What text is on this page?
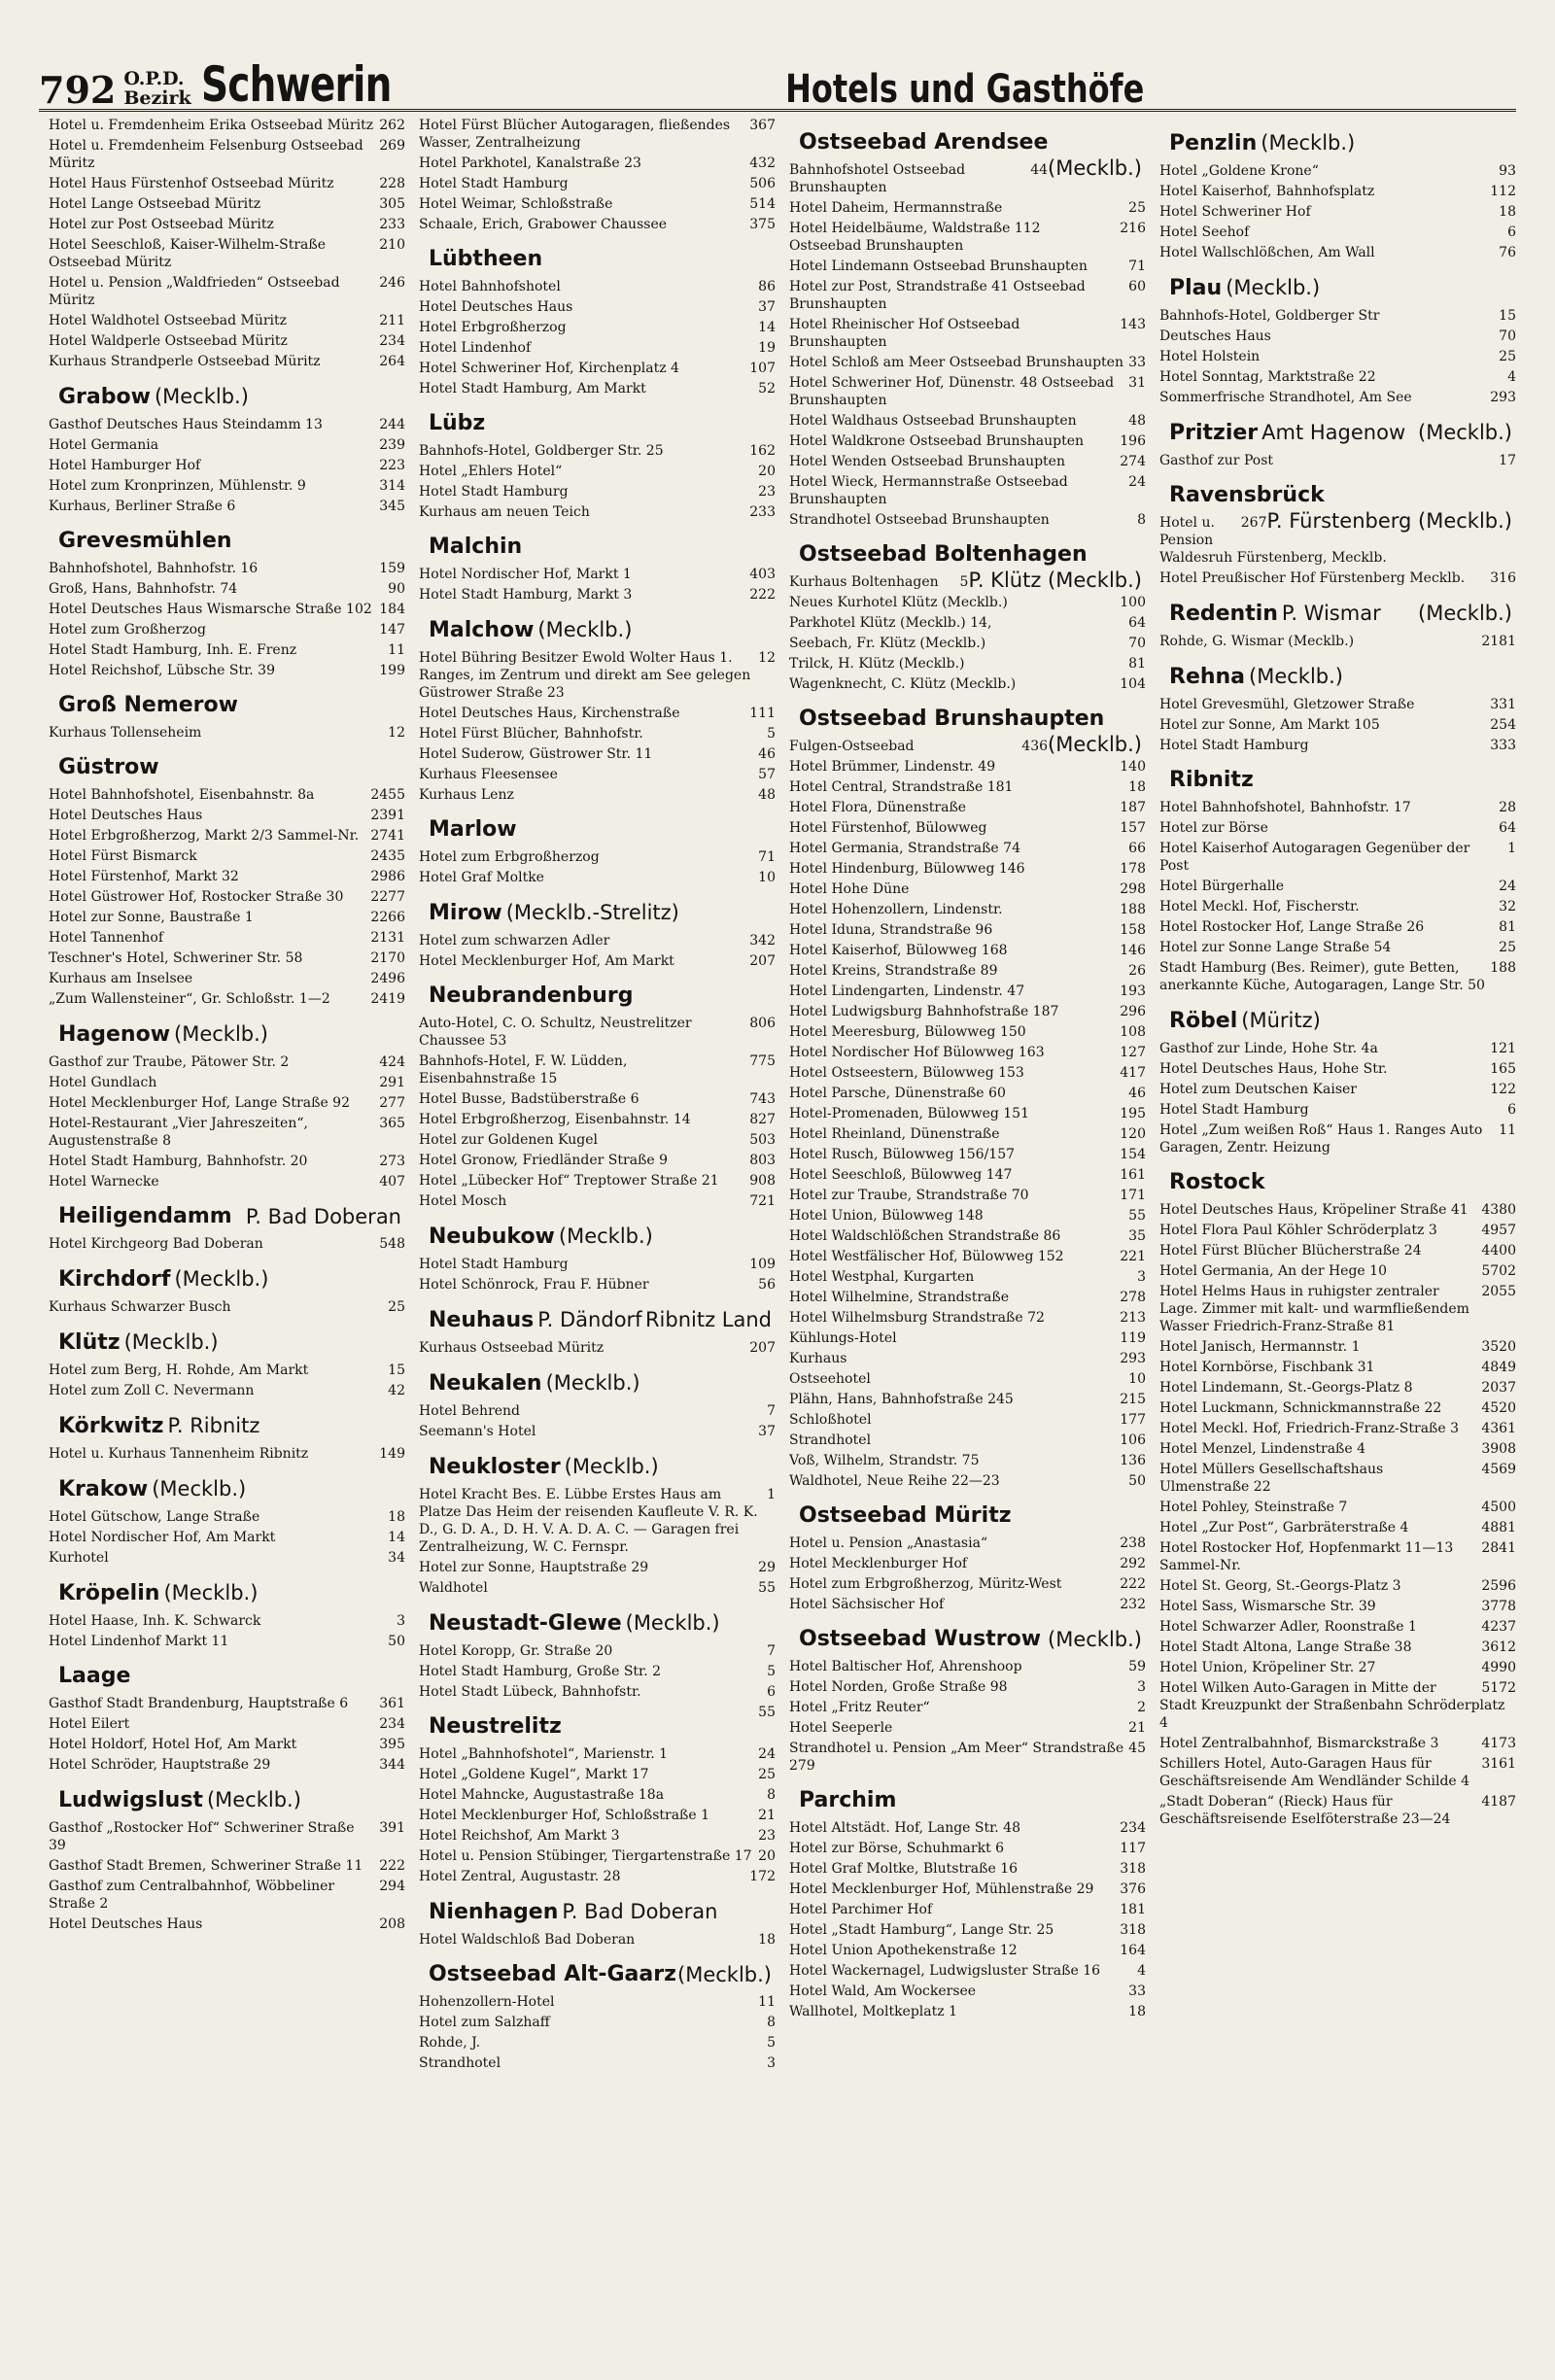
792 O.P.D.
Bezirk Schwerin	Hotels und Gasthöfe
262
Hotel u. Fremdenheim Erika Ostseebad Müritz
269
Hotel u. Fremdenheim Felsenburg Ostseebad Müritz
228
Hotel Haus Fürstenhof Ostseebad Müritz
305
Hotel Lange Ostseebad Müritz
233
Hotel zur Post Ostseebad Müritz
210
Hotel Seeschloß, Kaiser-Wilhelm-Straße Ostseebad Müritz
246
Hotel u. Pension „Waldfrieden“ Ostseebad Müritz
211
Hotel Waldhotel Ostseebad Müritz
234
Hotel Waldperle Ostseebad Müritz
264
Kurhaus Strandperle Ostseebad Müritz
Grabow (Mecklb.)
244
Gasthof Deutsches Haus Steindamm 13
239
Hotel Germania
223
Hotel Hamburger Hof
314
Hotel zum Kronprinzen, Mühlenstr. 9
345
Kurhaus, Berliner Straße 6
Grevesmühlen
159
Bahnhofshotel, Bahnhofstr. 16
90
Groß, Hans, Bahnhofstr. 74
184
Hotel Deutsches Haus Wismarsche Straße 102
147
Hotel zum Großherzog
11
Hotel Stadt Hamburg, Inh. E. Frenz
199
Hotel Reichshof, Lübsche Str. 39
Groß Nemerow
12
Kurhaus Tollenseheim
Güstrow
2455
Hotel Bahnhofshotel, Eisenbahnstr. 8a
2391
Hotel Deutsches Haus
2741
Hotel Erbgroßherzog, Markt 2/3 Sammel-Nr.
2435
Hotel Fürst Bismarck
2986
Hotel Fürstenhof, Markt 32
2277
Hotel Güstrower Hof, Rostocker Straße 30
2266
Hotel zur Sonne, Baustraße 1
2131
Hotel Tannenhof
2170
Teschner's Hotel, Schweriner Str. 58
2496
Kurhaus am Inselsee
2419
„Zum Wallensteiner“, Gr. Schloßstr. 1—2
Hagenow (Mecklb.)
424
Gasthof zur Traube, Pätower Str. 2
291
Hotel Gundlach
277
Hotel Mecklenburger Hof, Lange Straße 92
365
Hotel-Restaurant „Vier Jahreszeiten“, Augustenstraße 8
273
Hotel Stadt Hamburg, Bahnhofstr. 20
407
Hotel Warnecke
Heiligendamm P. Bad Doberan
548
Hotel Kirchgeorg Bad Doberan
Kirchdorf (Mecklb.)
25
Kurhaus Schwarzer Busch
Klütz (Mecklb.)
15
Hotel zum Berg, H. Rohde, Am Markt
42
Hotel zum Zoll C. Nevermann
Körkwitz P. Ribnitz
149
Hotel u. Kurhaus Tannenheim Ribnitz
Krakow (Mecklb.)
18
Hotel Gütschow, Lange Straße
14
Hotel Nordischer Hof, Am Markt
34
Kurhotel
Kröpelin (Mecklb.)
3
Hotel Haase, Inh. K. Schwarck
50
Hotel Lindenhof Markt 11
Laage
361
Gasthof Stadt Brandenburg, Hauptstraße 6
234
Hotel Eilert
395
Hotel Holdorf, Hotel Hof, Am Markt
344
Hotel Schröder, Hauptstraße 29
Ludwigslust (Mecklb.)
391
Gasthof „Rostocker Hof“ Schweriner Straße 39
222
Gasthof Stadt Bremen, Schweriner Straße 11
294
Gasthof zum Centralbahnhof, Wöbbeliner Straße 2
208
Hotel Deutsches Haus
367
Hotel Fürst Blücher Autogaragen, fließendes Wasser, Zentralheizung
432
Hotel Parkhotel, Kanalstraße 23
506
Hotel Stadt Hamburg
514
Hotel Weimar, Schloßstraße
375
Schaale, Erich, Grabower Chaussee
Lübtheen
86
Hotel Bahnhofshotel
37
Hotel Deutsches Haus
14
Hotel Erbgroßherzog
19
Hotel Lindenhof
107
Hotel Schweriner Hof, Kirchenplatz 4
52
Hotel Stadt Hamburg, Am Markt
Lübz
162
Bahnhofs-Hotel, Goldberger Str. 25
20
Hotel „Ehlers Hotel“
23
Hotel Stadt Hamburg
233
Kurhaus am neuen Teich
Malchin
403
Hotel Nordischer Hof, Markt 1
222
Hotel Stadt Hamburg, Markt 3
Malchow (Mecklb.)
12
Hotel Bühring Besitzer Ewold Wolter Haus 1. Ranges, im Zentrum und direkt am See gelegen Güstrower Straße 23
111
Hotel Deutsches Haus, Kirchenstraße
5
Hotel Fürst Blücher, Bahnhofstr.
46
Hotel Suderow, Güstrower Str. 11
57
Kurhaus Fleesensee
48
Kurhaus Lenz
Marlow
71
Hotel zum Erbgroßherzog
10
Hotel Graf Moltke
Mirow (Mecklb.-Strelitz)
342
Hotel zum schwarzen Adler
207
Hotel Mecklenburger Hof, Am Markt
Neubrandenburg
806
Auto-Hotel, C. O. Schultz, Neustrelitzer Chaussee 53
775
Bahnhofs-Hotel, F. W. Lüdden, Eisenbahnstraße 15
743
Hotel Busse, Badstüberstraße 6
827
Hotel Erbgroßherzog, Eisenbahnstr. 14
503
Hotel zur Goldenen Kugel
803
Hotel Gronow, Friedländer Straße 9
908
Hotel „Lübecker Hof“ Treptower Straße 21
721
Hotel Mosch
Neubukow (Mecklb.)
109
Hotel Stadt Hamburg
56
Hotel Schönrock, Frau F. Hübner
Neuhaus P. Dändorf Ribnitz Land
207
Kurhaus Ostseebad Müritz
Neukalen (Mecklb.)
7
Hotel Behrend
37
Seemann's Hotel
Neukloster (Mecklb.)
1
Hotel Kracht Bes. E. Lübbe Erstes Haus am Platze Das Heim der reisenden Kaufleute V. R. K. D., G. D. A., D. H. V. A. D. A. C. — Garagen frei Zentralheizung, W. C. Fernspr.
29
Hotel zur Sonne, Hauptstraße 29
55
Waldhotel
Neustadt-Glewe (Mecklb.)
7
Hotel Koropp, Gr. Straße 20
5
Hotel Stadt Hamburg, Große Str. 2
6
Hotel Stadt Lübeck, Bahnhofstr.
55
Neustrelitz
24
Hotel „Bahnhofshotel“, Marienstr. 1
25
Hotel „Goldene Kugel“, Markt 17
8
Hotel Mahncke, Augustastraße 18a
21
Hotel Mecklenburger Hof, Schloßstraße 1
23
Hotel Reichshof, Am Markt 3
20
Hotel u. Pension Stübinger, Tiergartenstraße 17
172
Hotel Zentral, Augustastr. 28
Nienhagen P. Bad Doberan
18
Hotel Waldschloß Bad Doberan
Ostseebad Alt-Gaarz (Mecklb.)
11
Hohenzollern-Hotel
8
Hotel zum Salzhaff
5
Rohde, J.
3
Strandhotel
Ostseebad Arendsee
(Mecklb.)
44
Bahnhofshotel Ostseebad Brunshaupten
25
Hotel Daheim, Hermannstraße
216
Hotel Heidelbäume, Waldstraße 112 Ostseebad Brunshaupten
71
Hotel Lindemann Ostseebad Brunshaupten
60
Hotel zur Post, Strandstraße 41 Ostseebad Brunshaupten
143
Hotel Rheinischer Hof Ostseebad Brunshaupten
33
Hotel Schloß am Meer Ostseebad Brunshaupten
31
Hotel Schweriner Hof, Dünenstr. 48 Ostseebad Brunshaupten
48
Hotel Waldhaus Ostseebad Brunshaupten
196
Hotel Waldkrone Ostseebad Brunshaupten
274
Hotel Wenden Ostseebad Brunshaupten
24
Hotel Wieck, Hermannstraße Ostseebad Brunshaupten
8
Strandhotel Ostseebad Brunshaupten
Ostseebad Boltenhagen
P. Klütz (Mecklb.)
5
Kurhaus Boltenhagen
100
Neues Kurhotel Klütz (Mecklb.)
64
Parkhotel Klütz (Mecklb.) 14,
70
Seebach, Fr. Klütz (Mecklb.)
81
Trilck, H. Klütz (Mecklb.)
104
Wagenknecht, C. Klütz (Mecklb.)
Ostseebad Brunshaupten
(Mecklb.)
436
Fulgen-Ostseebad
140
Hotel Brümmer, Lindenstr. 49
18
Hotel Central, Strandstraße 181
187
Hotel Flora, Dünenstraße
157
Hotel Fürstenhof, Bülowweg
66
Hotel Germania, Strandstraße 74
178
Hotel Hindenburg, Bülowweg 146
298
Hotel Hohe Düne
188
Hotel Hohenzollern, Lindenstr.
158
Hotel Iduna, Strandstraße 96
146
Hotel Kaiserhof, Bülowweg 168
26
Hotel Kreins, Strandstraße 89
193
Hotel Lindengarten, Lindenstr. 47
296
Hotel Ludwigsburg Bahnhofstraße 187
108
Hotel Meeresburg, Bülowweg 150
127
Hotel Nordischer Hof Bülowweg 163
417
Hotel Ostseestern, Bülowweg 153
46
Hotel Parsche, Dünenstraße 60
195
Hotel-Promenaden, Bülowweg 151
120
Hotel Rheinland, Dünenstraße
154
Hotel Rusch, Bülowweg 156/157
161
Hotel Seeschloß, Bülowweg 147
171
Hotel zur Traube, Strandstraße 70
55
Hotel Union, Bülowweg 148
35
Hotel Waldschlößchen Strandstraße 86
221
Hotel Westfälischer Hof, Bülowweg 152
3
Hotel Westphal, Kurgarten
278
Hotel Wilhelmine, Strandstraße
213
Hotel Wilhelmsburg Strandstraße 72
119
Kühlungs-Hotel
293
Kurhaus
10
Ostseehotel
215
Plähn, Hans, Bahnhofstraße 245
177
Schloßhotel
106
Strandhotel
136
Voß, Wilhelm, Strandstr. 75
50
Waldhotel, Neue Reihe 22—23
Ostseebad Müritz
238
Hotel u. Pension „Anastasia“
292
Hotel Mecklenburger Hof
222
Hotel zum Erbgroßherzog, Müritz-West
232
Hotel Sächsischer Hof
Ostseebad Wustrow (Mecklb.)
59
Hotel Baltischer Hof, Ahrenshoop
3
Hotel Norden, Große Straße 98
2
Hotel „Fritz Reuter“
21
Hotel Seeperle
45
Strandhotel u. Pension „Am Meer“ Strandstraße 279
Parchim
234
Hotel Altstädt. Hof, Lange Str. 48
117
Hotel zur Börse, Schuhmarkt 6
318
Hotel Graf Moltke, Blutstraße 16
376
Hotel Mecklenburger Hof, Mühlenstraße 29
181
Hotel Parchimer Hof
318
Hotel „Stadt Hamburg“, Lange Str. 25
164
Hotel Union Apothekenstraße 12
4
Hotel Wackernagel, Ludwigsluster Straße 16
33
Hotel Wald, Am Wockersee
18
Wallhotel, Moltkeplatz 1
Penzlin (Mecklb.)
93
Hotel „Goldene Krone“
112
Hotel Kaiserhof, Bahnhofsplatz
18
Hotel Schweriner Hof
6
Hotel Seehof
76
Hotel Wallschlößchen, Am Wall
Plau (Mecklb.)
15
Bahnhofs-Hotel, Goldberger Str
70
Deutsches Haus
25
Hotel Holstein
4
Hotel Sonntag, Marktstraße 22
293
Sommerfrische Strandhotel, Am See
Pritzier Amt Hagenow (Mecklb.)
17
Gasthof zur Post
Ravensbrück
P. Fürstenberg (Mecklb.)
267
Hotel u. Pension Waldesruh Fürstenberg, Mecklb.
316
Hotel Preußischer Hof Fürstenberg Mecklb.
Redentin P. Wismar (Mecklb.)
2181
Rohde, G. Wismar (Mecklb.)
Rehna (Mecklb.)
331
Hotel Grevesmühl, Gletzower Straße
254
Hotel zur Sonne, Am Markt 105
333
Hotel Stadt Hamburg
Ribnitz
28
Hotel Bahnhofshotel, Bahnhofstr. 17
64
Hotel zur Börse
1
Hotel Kaiserhof Autogaragen Gegenüber der Post
24
Hotel Bürgerhalle
32
Hotel Meckl. Hof, Fischerstr.
81
Hotel Rostocker Hof, Lange Straße 26
25
Hotel zur Sonne Lange Straße 54
188
Stadt Hamburg (Bes. Reimer), gute Betten, anerkannte Küche, Autogaragen, Lange Str. 50
Röbel (Müritz)
121
Gasthof zur Linde, Hohe Str. 4a
165
Hotel Deutsches Haus, Hohe Str.
122
Hotel zum Deutschen Kaiser
6
Hotel Stadt Hamburg
11
Hotel „Zum weißen Roß“ Haus 1. Ranges Auto Garagen, Zentr. Heizung
Rostock
4380
Hotel Deutsches Haus, Kröpeliner Straße 41
4957
Hotel Flora Paul Köhler Schröderplatz 3
4400
Hotel Fürst Blücher Blücherstraße 24
5702
Hotel Germania, An der Hege 10
2055
Hotel Helms Haus in ruhigster zentraler Lage. Zimmer mit kalt- und warmfließendem Wasser Friedrich-Franz-Straße 81
3520
Hotel Janisch, Hermannstr. 1
4849
Hotel Kornbörse, Fischbank 31
2037
Hotel Lindemann, St.-Georgs-Platz 8
4520
Hotel Luckmann, Schnickmannstraße 22
4361
Hotel Meckl. Hof, Friedrich-Franz-Straße 3
3908
Hotel Menzel, Lindenstraße 4
4569
Hotel Müllers Gesellschaftshaus Ulmenstraße 22
4500
Hotel Pohley, Steinstraße 7
4881
Hotel „Zur Post“, Garbräterstraße 4
2841
Hotel Rostocker Hof, Hopfenmarkt 11—13 Sammel-Nr.
2596
Hotel St. Georg, St.-Georgs-Platz 3
3778
Hotel Sass, Wismarsche Str. 39
4237
Hotel Schwarzer Adler, Roonstraße 1
3612
Hotel Stadt Altona, Lange Straße 38
4990
Hotel Union, Kröpeliner Str. 27
5172
Hotel Wilken Auto-Garagen in Mitte der Stadt Kreuzpunkt der Straßenbahn Schröderplatz 4
4173
Hotel Zentralbahnhof, Bismarckstraße 3
3161
Schillers Hotel, Auto-Garagen Haus für Geschäftsreisende Am Wendländer Schilde 4
4187
„Stadt Doberan“ (Rieck) Haus für Geschäftsreisende Eselföterstraße 23—24
